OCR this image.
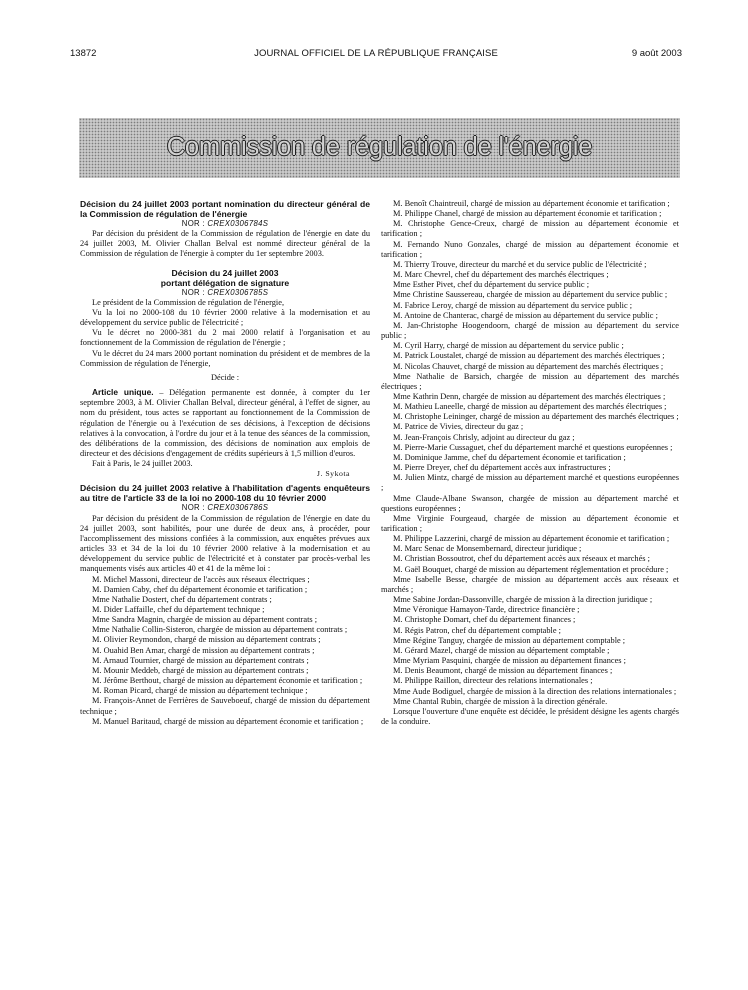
13872	JOURNAL OFFICIEL DE LA RÉPUBLIQUE FRANÇAISE	9 août 2003
Commission de régulation de l'énergie

Décision du 24 juillet 2003 portant nomination du directeur général de la Commission de régulation de l'énergie

NOR : CREX0306784S

Par décision du président de la Commission de régulation de l'énergie en date du 24 juillet 2003, M. Olivier Challan Belval est nommé directeur général de la Commission de régulation de l'énergie à compter du 1er septembre 2003.

Décision du 24 juillet 2003

portant délégation de signature

NOR : CREX0306785S

Le président de la Commission de régulation de l'énergie,

Vu la loi no 2000-108 du 10 février 2000 relative à la modernisation et au développement du service public de l'électricité ;

Vu le décret no 2000-381 du 2 mai 2000 relatif à l'organisation et au fonctionnement de la Commission de régulation de l'énergie ;

Vu le décret du 24 mars 2000 portant nomination du président et de membres de la Commission de régulation de l'énergie,

Décide :

Article unique. – Délégation permanente est donnée, à compter du 1er septembre 2003, à M. Olivier Challan Belval, directeur général, à l'effet de signer, au nom du président, tous actes se rapportant au fonctionnement de la Commission de régulation de l'énergie ou à l'exécution de ses décisions, à l'exception de décisions relatives à la convocation, à l'ordre du jour et à la tenue des séances de la commission, des délibérations de la commission, des décisions de nomination aux emplois de directeur et des décisions d'engagement de crédits supérieurs à 1,5 million d'euros.

Fait à Paris, le 24 juillet 2003.

J. Sykota

Décision du 24 juillet 2003 relative à l'habilitation d'agents enquêteurs au titre de l'article 33 de la loi no 2000-108 du 10 février 2000

NOR : CREX0306786S

Par décision du président de la Commission de régulation de l'énergie en date du 24 juillet 2003, sont habilités, pour une durée de deux ans, à procéder, pour l'accomplissement des missions confiées à la commission, aux enquêtes prévues aux articles 33 et 34 de la loi du 10 février 2000 relative à la modernisation et au développement du service public de l'électricité et à constater par procès-verbal les manquements visés aux articles 40 et 41 de la même loi :

M. Michel Massoni, directeur de l'accès aux réseaux électriques ;

M. Damien Caby, chef du département économie et tarification ;

Mme Nathalie Dostert, chef du département contrats ;

M. Dider Laffaille, chef du département technique ;

Mme Sandra Magnin, chargée de mission au département contrats ;

Mme Nathalie Collin-Sisteron, chargée de mission au département contrats ;

M. Olivier Reymondon, chargé de mission au département contrats ;

M. Ouahid Ben Amar, chargé de mission au département contrats ;

M. Arnaud Tournier, chargé de mission au département contrats ;

M. Mounir Meddeb, chargé de mission au département contrats ;

M. Jérôme Berthout, chargé de mission au département économie et tarification ;

M. Roman Picard, chargé de mission au département technique ;

M. François-Annet de Ferrières de Sauveboeuf, chargé de mission du département technique ;

M. Manuel Baritaud, chargé de mission au département économie et tarification ;

M. Benoît Chaintreuil, chargé de mission au département économie et tarification ;

M. Philippe Chanel, chargé de mission au département économie et tarification ;

M. Christophe Gence-Creux, chargé de mission au département économie et tarification ;

M. Fernando Nuno Gonzales, chargé de mission au département économie et tarification ;

M. Thierry Trouve, directeur du marché et du service public de l'électricité ;

M. Marc Chevrel, chef du département des marchés électriques ;

Mme Esther Pivet, chef du département du service public ;

Mme Christine Saussereau, chargée de mission au département du service public ;

M. Fabrice Leroy, chargé de mission au département du service public ;

M. Antoine de Chanterac, chargé de mission au département du service public ;

M. Jan-Christophe Hoogendoorn, chargé de mission au département du service public ;

M. Cyril Harry, chargé de mission au département du service public ;

M. Patrick Loustalet, chargé de mission au département des marchés électriques ;

M. Nicolas Chauvet, chargé de mission au département des marchés électriques ;

Mme Nathalie de Barsich, chargée de mission au département des marchés électriques ;

Mme Kathrin Denn, chargée de mission au département des marchés électriques ;

M. Mathieu Laneelle, chargé de mission au département des marchés électriques ;

M. Christophe Leininger, chargé de mission au département des marchés électriques ;

M. Patrice de Vivies, directeur du gaz ;

M. Jean-François Chrisly, adjoint au directeur du gaz ;

M. Pierre-Marie Cussaguet, chef du département marché et questions européennes ;

M. Dominique Jamme, chef du département économie et tarification ;

M. Pierre Dreyer, chef du département accès aux infrastructures ;

M. Julien Mintz, chargé de mission au département marché et questions européennes ;

Mme Claude-Albane Swanson, chargée de mission au département marché et questions européennes ;

Mme Virginie Fourgeaud, chargée de mission au département économie et tarification ;

M. Philippe Lazzerini, chargé de mission au département économie et tarification ;

M. Marc Senac de Monsembernard, directeur juridique ;

M. Christian Bossoutrot, chef du département accès aux réseaux et marchés ;

M. Gaël Bouquet, chargé de mission au département réglementation et procédure ;

Mme Isabelle Besse, chargée de mission au département accès aux réseaux et marchés ;

Mme Sabine Jordan-Dassonville, chargée de mission à la direction juridique ;

Mme Véronique Hamayon-Tarde, directrice financière ;

M. Christophe Domart, chef du département finances ;

M. Régis Patron, chef du département comptable ;

Mme Régine Tanguy, chargée de mission au département comptable ;

M. Gérard Mazel, chargé de mission au département comptable ;

Mme Myriam Pasquini, chargée de mission au département finances ;

M. Denis Beaumont, chargé de mission au département finances ;

M. Philippe Raillon, directeur des relations internationales ;

Mme Aude Bodiguel, chargée de mission à la direction des relations internationales ;

Mme Chantal Rubin, chargée de mission à la direction générale.

Lorsque l'ouverture d'une enquête est décidée, le président désigne les agents chargés de la conduire.
